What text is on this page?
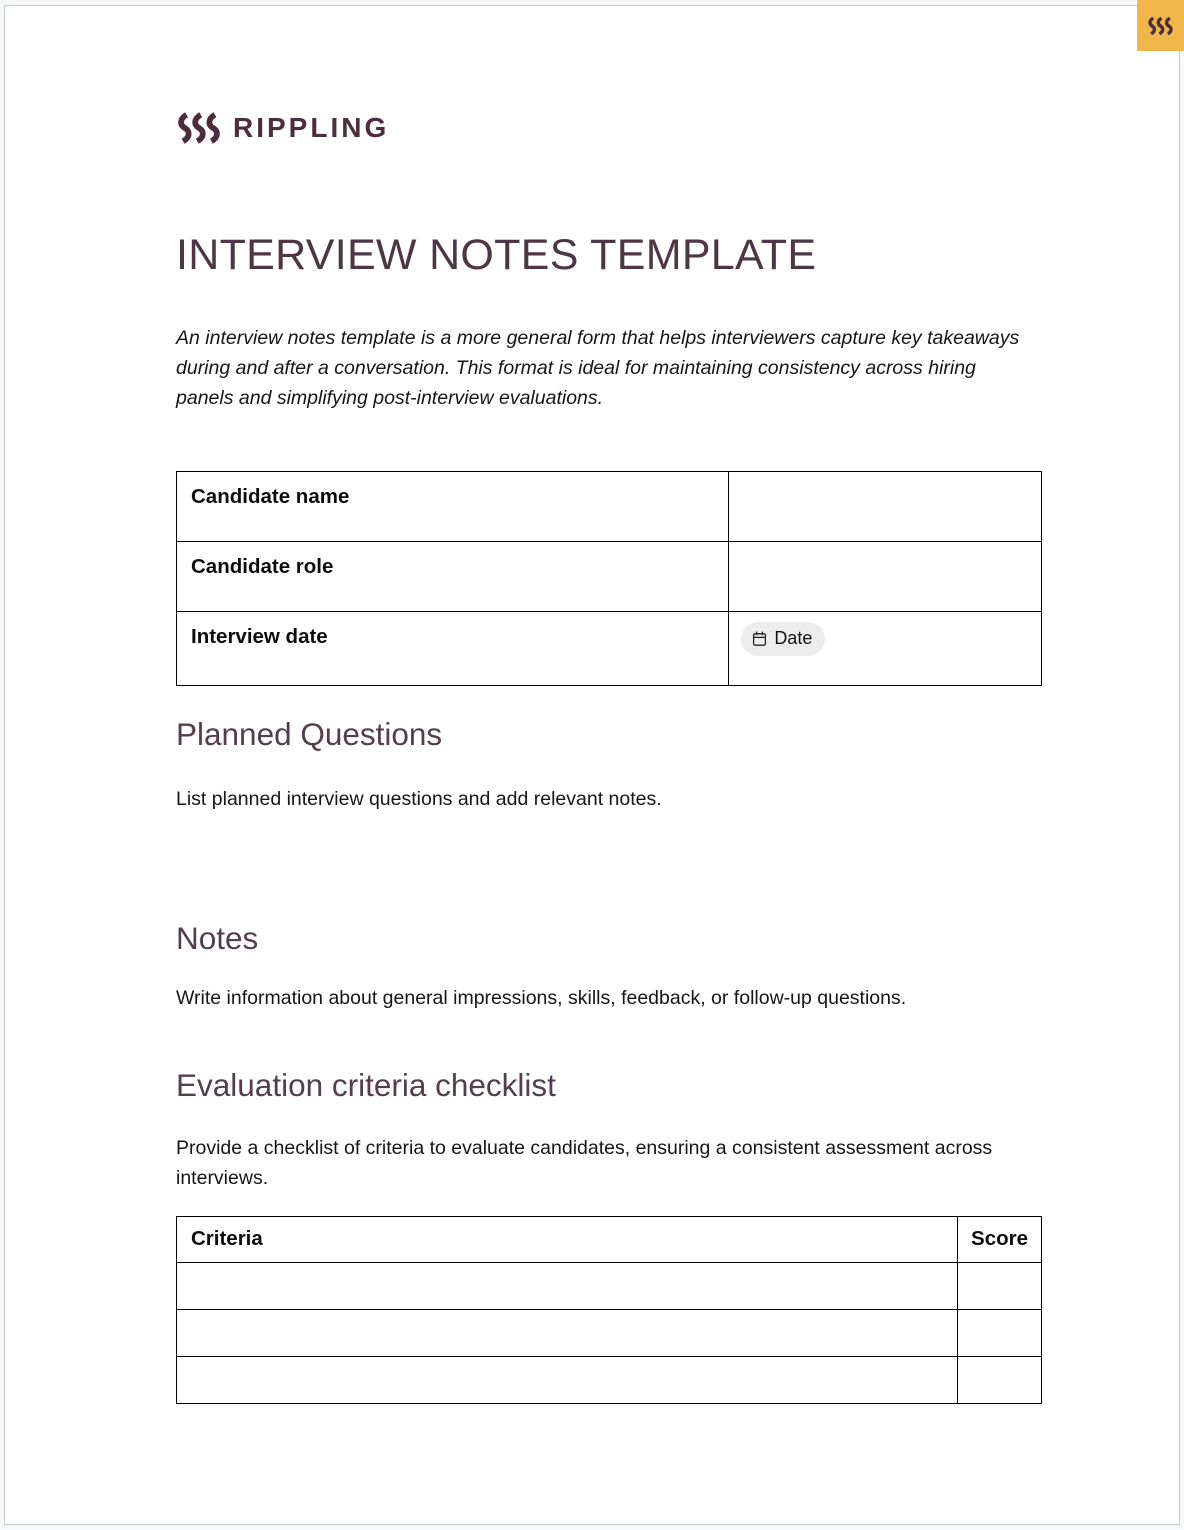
RIPPLING
INTERVIEW NOTES TEMPLATE

An interview notes template is a more general form that helps interviewers capture key takeaways during and after a conversation. This format is ideal for maintaining consistency across hiring panels and simplifying post-interview evaluations.

Candidate name	
Candidate role	
Interview date	Date
Planned Questions

List planned interview questions and add relevant notes.

Notes

Write information about general impressions, skills, feedback, or follow-up questions.

Evaluation criteria checklist

Provide a checklist of criteria to evaluate candidates, ensuring a consistent assessment across interviews.

Criteria	Score
